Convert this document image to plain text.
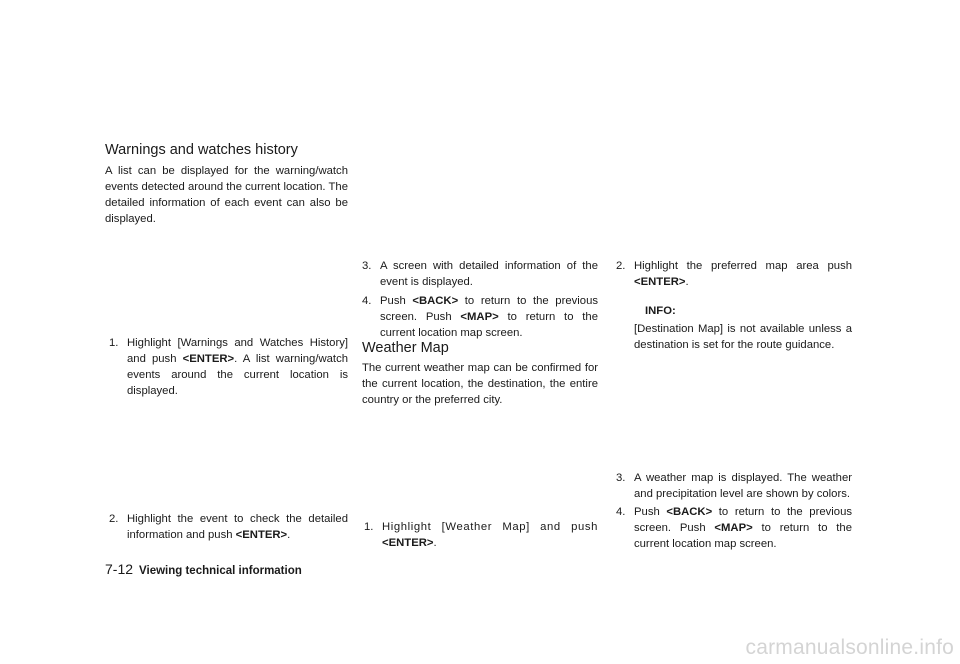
Warnings and watches history
A list can be displayed for the warning/watch events detected around the current location. The detailed information of each event can also be displayed.
1. Highlight [Warnings and Watches History] and push <ENTER>. A list warning/watch events around the current location is displayed.
2. Highlight the event to check the detailed information and push <ENTER>.
3. A screen with detailed information of the event is displayed.
4. Push <BACK> to return to the previous screen. Push <MAP> to return to the current location map screen.
Weather Map
The current weather map can be confirmed for the current location, the destination, the entire country or the preferred city.
1. Highlight [Weather Map] and push <ENTER>.
2. Highlight the preferred map area push <ENTER>.
INFO:
[Destination Map] is not available unless a destination is set for the route guidance.
3. A weather map is displayed. The weather and precipitation level are shown by colors.
4. Push <BACK> to return to the previous screen. Push <MAP> to return to the current location map screen.
7-12 Viewing technical information
carmanualsonline.info
